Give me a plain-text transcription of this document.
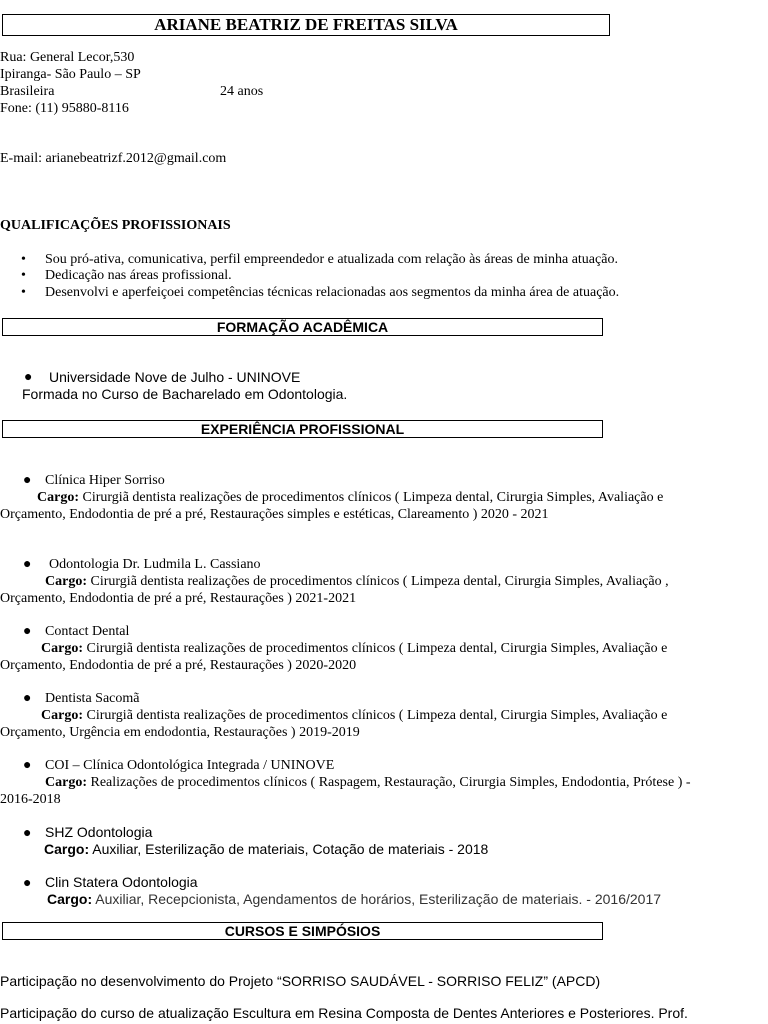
ARIANE BEATRIZ DE FREITAS SILVA
Rua: General Lecor,530
Ipiranga- São Paulo – SP
Brasileira	24 anos
Fone: (11) 95880-8116
E-mail: arianebeatrizf.2012@gmail.com
QUALIFICAÇÕES PROFISSIONAIS
• Sou pró-ativa, comunicativa, perfil empreendedor e atualizada com relação às áreas de minha atuação.
• Dedicação nas áreas profissional.
• Desenvolvi e aperfeiçoei competências técnicas relacionadas aos segmentos da minha área de atuação.
FORMAÇÃO ACADÊMICA
● Universidade Nove de Julho - UNINOVE
Formada no Curso de Bacharelado em Odontologia.
EXPERIÊNCIA PROFISSIONAL
● Clínica Hiper Sorriso
Cargo: Cirurgiã dentista realizações de procedimentos clínicos ( Limpeza dental, Cirurgia Simples, Avaliação e
Orçamento, Endodontia de pré a pré, Restaurações simples e estéticas, Clareamento ) 2020 - 2021
● Odontologia Dr. Ludmila L. Cassiano
Cargo: Cirurgiã dentista realizações de procedimentos clínicos ( Limpeza dental, Cirurgia Simples, Avaliação ,
Orçamento, Endodontia de pré a pré, Restaurações ) 2021-2021
● Contact Dental
Cargo: Cirurgiã dentista realizações de procedimentos clínicos ( Limpeza dental, Cirurgia Simples, Avaliação e
Orçamento, Endodontia de pré a pré, Restaurações ) 2020-2020
● Dentista Sacomã
Cargo: Cirurgiã dentista realizações de procedimentos clínicos ( Limpeza dental, Cirurgia Simples, Avaliação e
Orçamento, Urgência em endodontia, Restaurações ) 2019-2019
● COI – Clínica Odontológica Integrada / UNINOVE
Cargo: Realizações de procedimentos clínicos ( Raspagem, Restauração, Cirurgia Simples, Endodontia, Prótese ) -
2016-2018
● SHZ Odontologia
Cargo: Auxiliar, Esterilização de materiais, Cotação de materiais - 2018
● Clin Statera Odontologia
Cargo: Auxiliar, Recepcionista, Agendamentos de horários, Esterilização de materiais. - 2016/2017
CURSOS E SIMPÓSIOS
Participação no desenvolvimento do Projeto “SORRISO SAUDÁVEL - SORRISO FELIZ” (APCD)
Participação do curso de atualização Escultura em Resina Composta de Dentes Anteriores e Posteriores. Prof.
